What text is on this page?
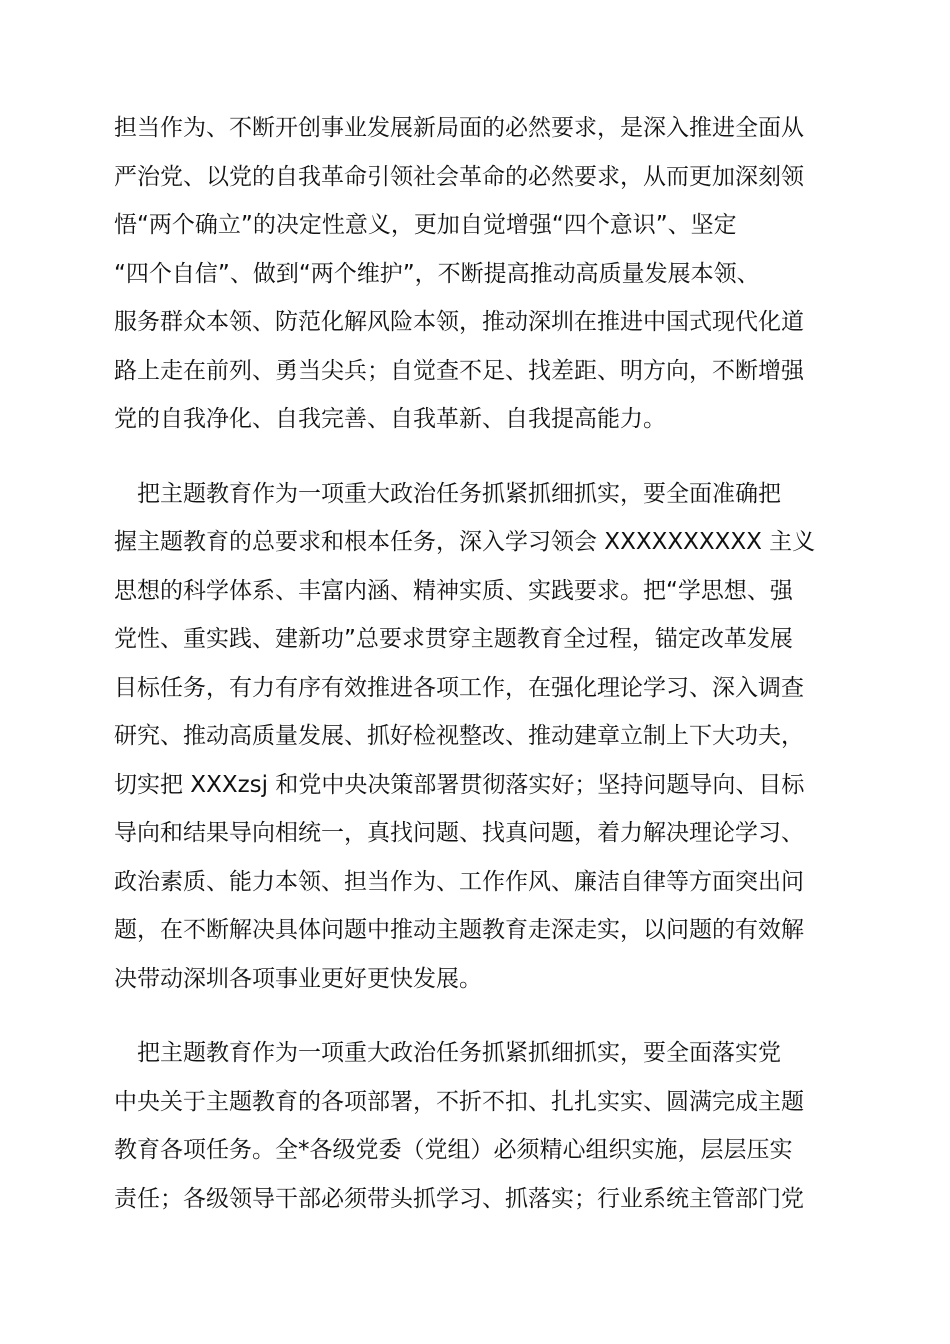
担当作为、不断开创事业发展新局面的必然要求，是深入推进全面从
严治党、以党的自我革命引领社会革命的必然要求，从而更加深刻领
悟“两个确立”的决定性意义，更加自觉增强“四个意识”、坚定
“四个自信”、做到“两个维护”，不断提高推动高质量发展本领、
服务群众本领、防范化解风险本领，推动深圳在推进中国式现代化道
路上走在前列、勇当尖兵；自觉查不足、找差距、明方向，不断增强
党的自我净化、自我完善、自我革新、自我提高能力。
　把主题教育作为一项重大政治任务抓紧抓细抓实，要全面准确把
握主题教育的总要求和根本任务，深入学习领会 XXXXXXXXXX 主义
思想的科学体系、丰富内涵、精神实质、实践要求。把“学思想、强
党性、重实践、建新功”总要求贯穿主题教育全过程，锚定改革发展
目标任务，有力有序有效推进各项工作，在强化理论学习、深入调查
研究、推动高质量发展、抓好检视整改、推动建章立制上下大功夫，
切实把 XXXzsj 和党中央决策部署贯彻落实好；坚持问题导向、目标
导向和结果导向相统一，真找问题、找真问题，着力解决理论学习、
政治素质、能力本领、担当作为、工作作风、廉洁自律等方面突出问
题，在不断解决具体问题中推动主题教育走深走实，以问题的有效解
决带动深圳各项事业更好更快发展。
　把主题教育作为一项重大政治任务抓紧抓细抓实，要全面落实党
中央关于主题教育的各项部署，不折不扣、扎扎实实、圆满完成主题
教育各项任务。全*各级党委（党组）必须精心组织实施，层层压实
责任；各级领导干部必须带头抓学习、抓落实；行业系统主管部门党
